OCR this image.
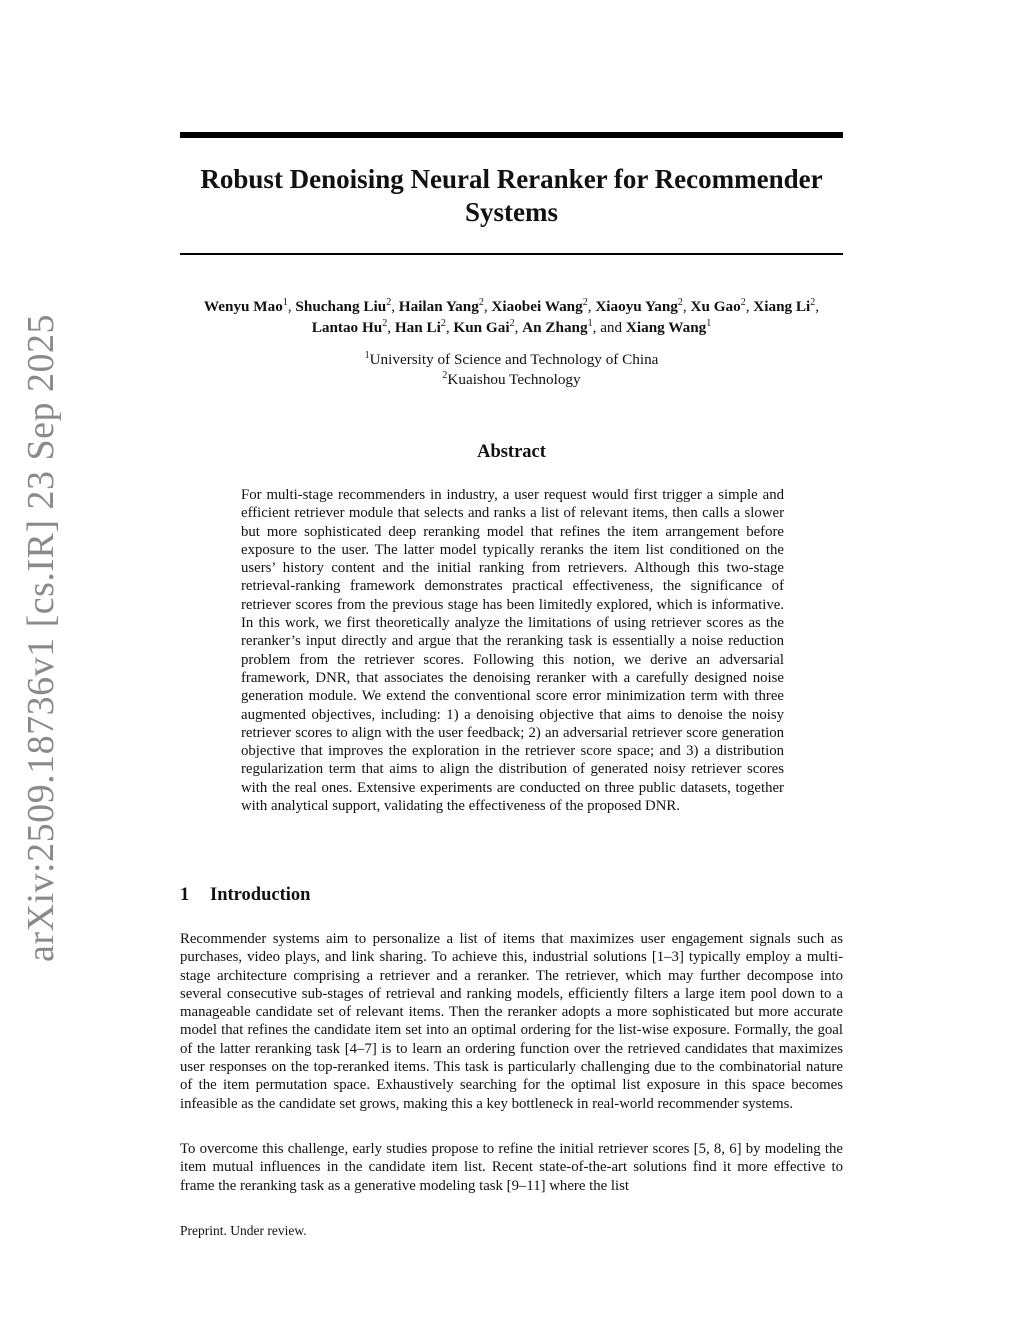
arXiv:2509.18736v1 [cs.IR] 23 Sep 2025
Robust Denoising Neural Reranker for Recommender
Systems
Wenyu Mao$^1$, Shuchang Liu$^2$, Hailan Yang$^2$, Xiaobei Wang$^2$, Xiaoyu Yang$^2$, Xu Gao$^2$, Xiang Li$^2$, Lantao Hu$^2$, Han Li$^2$, Kun Gai$^2$, An Zhang$^1$, and Xiang Wang$^1$
$^1$University of Science and Technology of China
$^2$Kuaishou Technology
Abstract
For multi-stage recommenders in industry, a user request would first trigger a simple and efficient retriever module that selects and ranks a list of relevant items, then calls a slower but more sophisticated deep reranking model that refines the item arrangement before exposure to the user. The latter model typically reranks the item list conditioned on the users’ history content and the initial ranking from retrievers. Although this two-stage retrieval-ranking framework demonstrates practical effectiveness, the significance of retriever scores from the previous stage has been limitedly explored, which is informative. In this work, we first theoretically analyze the limitations of using retriever scores as the reranker’s input directly and argue that the reranking task is essentially a noise reduction problem from the retriever scores. Following this notion, we derive an adversarial framework, DNR, that associates the denoising reranker with a carefully designed noise generation module. We extend the conventional score error minimization term with three augmented objectives, including: 1) a denoising objective that aims to denoise the noisy retriever scores to align with the user feedback; 2) an adversarial retriever score generation objective that improves the exploration in the retriever score space; and 3) a distribution regularization term that aims to align the distribution of generated noisy retriever scores with the real ones. Extensive experiments are conducted on three public datasets, together with analytical support, validating the effectiveness of the proposed DNR.
1 Introduction
Recommender systems aim to personalize a list of items that maximizes user engagement signals such as purchases, video plays, and link sharing. To achieve this, industrial solutions [1–3] typically employ a multi-stage architecture comprising a retriever and a reranker. The retriever, which may further decompose into several consecutive sub-stages of retrieval and ranking models, efficiently filters a large item pool down to a manageable candidate set of relevant items. Then the reranker adopts a more sophisticated but more accurate model that refines the candidate item set into an optimal ordering for the list-wise exposure. Formally, the goal of the latter reranking task [4–7] is to learn an ordering function over the retrieved candidates that maximizes user responses on the top-reranked items. This task is particularly challenging due to the combinatorial nature of the item permutation space. Exhaustively searching for the optimal list exposure in this space becomes infeasible as the candidate set grows, making this a key bottleneck in real-world recommender systems.
To overcome this challenge, early studies propose to refine the initial retriever scores [5, 8, 6] by modeling the item mutual influences in the candidate item list. Recent state-of-the-art solutions find it more effective to frame the reranking task as a generative modeling task [9–11] where the list
Preprint. Under review.
